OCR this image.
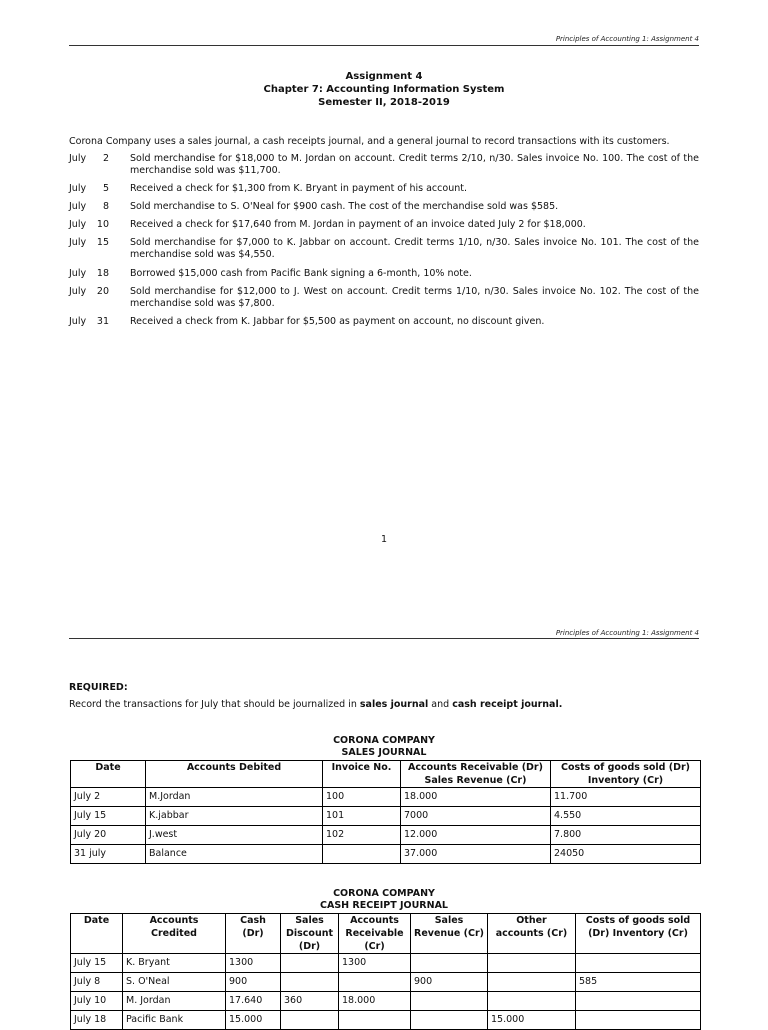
Principles of Accounting 1: Assignment 4
Assignment 4
Chapter 7: Accounting Information System
Semester II, 2018-2019
Corona Company uses a sales journal, a cash receipts journal, and a general journal to record transactions with its customers.
July	2 Sold merchandise for $18,000 to M. Jordan on account. Credit terms 2/10, n/30. Sales invoice No. 100. The cost of the merchandise sold was $11,700.
July	5 Received a check for $1,300 from K. Bryant in payment of his account.
July	8 Sold merchandise to S. O'Neal for $900 cash. The cost of the merchandise sold was $585.
July	10 Received a check for $17,640 from M. Jordan in payment of an invoice dated July 2 for $18,000.
July	15 Sold merchandise for $7,000 to K. Jabbar on account. Credit terms 1/10, n/30. Sales invoice No. 101. The cost of the merchandise sold was $4,550.
July	18 Borrowed $15,000 cash from Pacific Bank signing a 6-month, 10% note.
July	20 Sold merchandise for $12,000 to J. West on account. Credit terms 1/10, n/30. Sales invoice No. 102. The cost of the merchandise sold was $7,800.
July	31 Received a check from K. Jabbar for $5,500 as payment on account, no discount given.
1
Principles of Accounting 1: Assignment 4
REQUIRED:
Record the transactions for July that should be journalized in sales journal and cash receipt journal.
CORONA COMPANY
SALES JOURNAL
Date	Accounts Debited	Invoice No.	Accounts Receivable (Dr) Sales Revenue (Cr)	Costs of goods sold (Dr) Inventory (Cr)
July 2	M.Jordan	100	18.000	11.700
July 15	K.jabbar	101	7000	4.550
July 20	J.west	102	12.000	7.800
31 july	Balance		37.000	24050
CORONA COMPANY
CASH RECEIPT JOURNAL
Date	Accounts Credited	Cash (Dr)	Sales Discount (Dr)	Accounts Receivable (Cr)	Sales Revenue (Cr)	Other accounts (Cr)	Costs of goods sold (Dr) Inventory (Cr)
July 15	K. Bryant	1300		1300			
July 8	S. O'Neal	900			900		585
July 10	M. Jordan	17.640	360	18.000			
July 18	Pacific Bank	15.000				15.000	
